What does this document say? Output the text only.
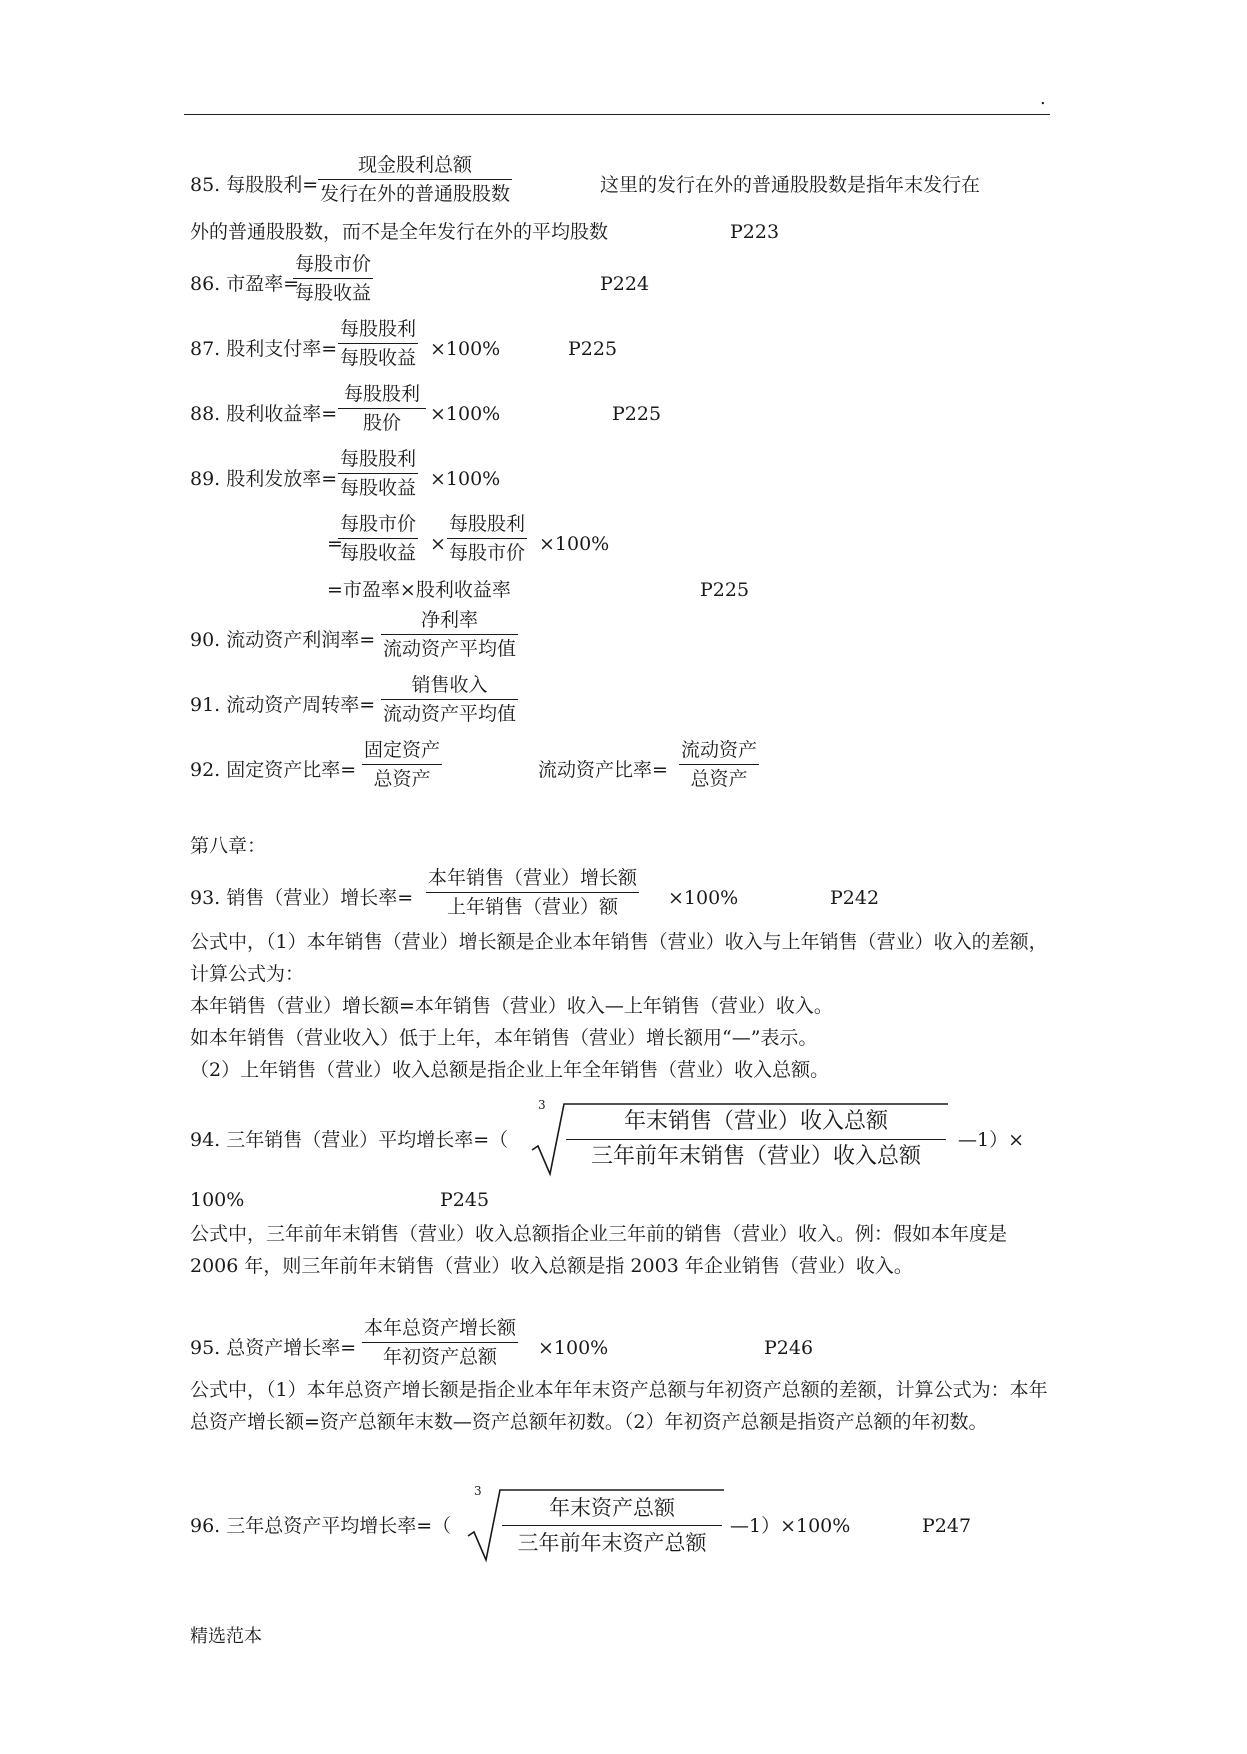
.
85. 每股股利=
现金股利总额
发行在外的普通股股数	这里的发行在外的普通股股数是指年末发行在
外的普通股股数，而不是全年发行在外的平均股数	P223
86. 市盈率=
每股市价
每股收益	P224
87. 股利支付率=
每股股利
每股收益 ×100%	P225
88. 股利收益率=
每股股利
股价	×100%	P225
89. 股利发放率=
每股股利
每股收益 ×100%
=
每股市价
每股收益 ×
每股股利
每股市价 ×100%
=市盈率×股利收益率	P225
90. 流动资产利润率=
净利率
流动资产平均值
91. 流动资产周转率=
销售收入
流动资产平均值
92. 固定资产比率=
固定资产
总资产	流动资产比率=
流动资产
总资产
第八章：
93. 销售（营业）增长率=
本年销售（营业）增长额
上年销售（营业）额	×100%	P242
公式中，（1）本年销售（营业）增长额是企业本年销售（营业）收入与上年销售（营业）收入的差额，计算公式为：
本年销售（营业）增长额=本年销售（营业）收入—上年销售（营业）收入。
如本年销售（营业收入）低于上年，本年销售（营业）增长额用“—”表示。
（2）上年销售（营业）收入总额是指企业上年全年销售（营业）收入总额。
94. 三年销售（营业）平均增长率=（
3
年末销售（营业）收入总额
三年前年末销售（营业）收入总额
—1）×
100%	P245
公式中，三年前年末销售（营业）收入总额指企业三年前的销售（营业）收入。例：假如本年度是 2006 年，则三年前年末销售（营业）收入总额是指 2003 年企业销售（营业）收入。
95. 总资产增长率=
本年总资产增长额
年初资产总额	×100%	P246
公式中，（1）本年总资产增长额是指企业本年年末资产总额与年初资产总额的差额，计算公式为：本年总资产增长额=资产总额年末数—资产总额年初数。（2）年初资产总额是指资产总额的年初数。
96. 三年总资产平均增长率=（
3
年末资产总额
三年前年末资产总额
—1）×100%	P247
精选范本
